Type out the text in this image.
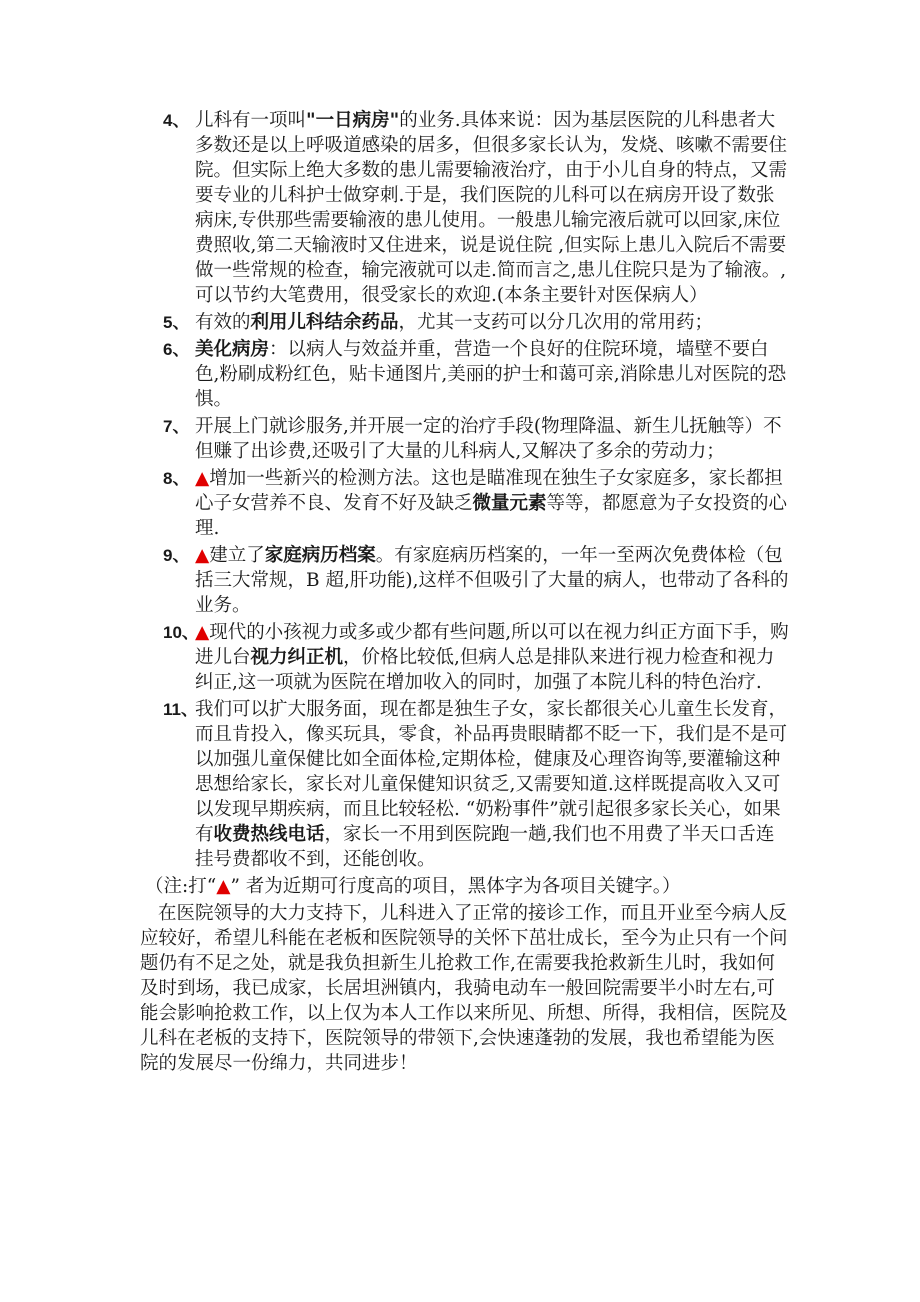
4、 儿科有一项叫"一日病房"的业务.具体来说：因为基层医院的儿科患者大多数还是以上呼吸道感染的居多，但很多家长认为，发烧、咳嗽不需要住院。但实际上绝大多数的患儿需要输液治疗，由于小儿自身的特点，又需要专业的儿科护士做穿刺.于是，我们医院的儿科可以在病房开设了数张病床,专供那些需要输液的患儿使用。一般患儿输完液后就可以回家,床位费照收,第二天输液时又住进来，说是说住院 ,但实际上患儿入院后不需要做一些常规的检查，输完液就可以走.简而言之,患儿住院只是为了输液。,可以节约大笔费用，很受家长的欢迎.(本条主要针对医保病人）
5、 有效的利用儿科结余药品，尤其一支药可以分几次用的常用药；
6、 美化病房：以病人与效益并重，营造一个良好的住院环境，墙壁不要白色,粉刷成粉红色，贴卡通图片,美丽的护士和蔼可亲,消除患儿对医院的恐惧。
7、 开展上门就诊服务,并开展一定的治疗手段(物理降温、新生儿抚触等）不但赚了出诊费,还吸引了大量的儿科病人,又解决了多余的劳动力；
8、 ▲增加一些新兴的检测方法。这也是瞄准现在独生子女家庭多，家长都担心子女营养不良、发育不好及缺乏微量元素等等，都愿意为子女投资的心理.
9、 ▲建立了家庭病历档案。有家庭病历档案的，一年一至两次免费体检（包括三大常规，B 超,肝功能),这样不但吸引了大量的病人，也带动了各科的业务。
10、
▲现代的小孩视力或多或少都有些问题,所以可以在视力纠正方面下手，购进儿台视力纠正机，价格比较低,但病人总是排队来进行视力检查和视力纠正,这一项就为医院在增加收入的同时，加强了本院儿科的特色治疗.
11、
我们可以扩大服务面，现在都是独生子女，家长都很关心儿童生长发育，而且肯投入，像买玩具，零食，补品再贵眼睛都不眨一下，我们是不是可以加强儿童保健比如全面体检,定期体检，健康及心理咨询等,要灌输这种思想给家长，家长对儿童保健知识贫乏,又需要知道.这样既提高收入又可以发现早期疾病，而且比较轻松. “奶粉事件”就引起很多家长关心，如果有收费热线电话，家长一不用到医院跑一趟,我们也不用费了半天口舌连挂号费都收不到，还能创收。
（注:打“▲” 者为近期可行度高的项目，黑体字为各项目关键字。）
在医院领导的大力支持下，儿科进入了正常的接诊工作，而且开业至今病人反应较好，希望儿科能在老板和医院领导的关怀下茁壮成长，至今为止只有一个问题仍有不足之处，就是我负担新生儿抢救工作,在需要我抢救新生儿时，我如何及时到场，我已成家，长居坦洲镇内，我骑电动车一般回院需要半小时左右,可能会影响抢救工作，以上仅为本人工作以来所见、所想、所得，我相信，医院及儿科在老板的支持下，医院领导的带领下,会快速蓬勃的发展，我也希望能为医院的发展尽一份绵力，共同进步！
